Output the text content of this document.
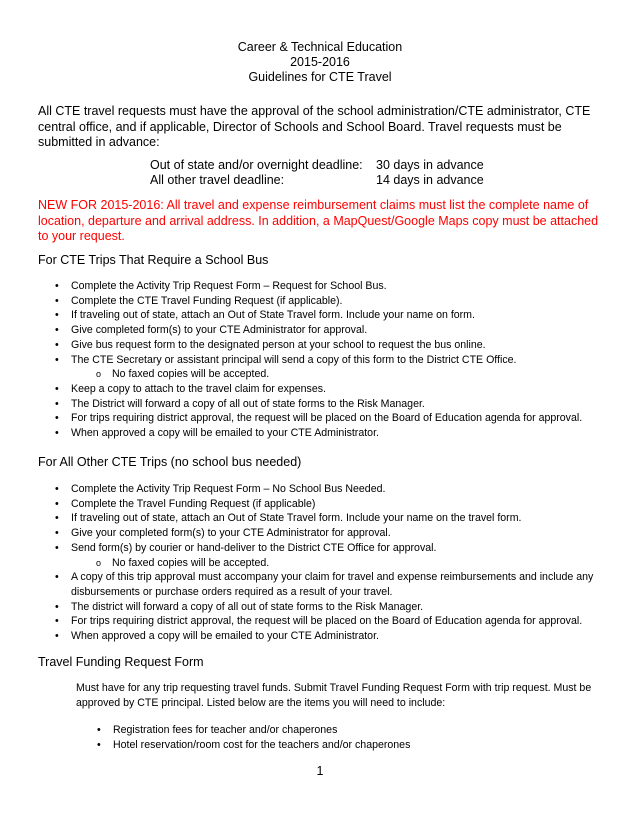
Career & Technical Education
2015-2016
Guidelines for CTE Travel
All CTE travel requests must have the approval of the school administration/CTE administrator, CTE central office, and if applicable, Director of Schools and School Board. Travel requests must be submitted in advance:
Out of state and/or overnight deadline:	30 days in advance
All other travel deadline:	14 days in advance
NEW FOR 2015-2016: All travel and expense reimbursement claims must list the complete name of location, departure and arrival address. In addition, a MapQuest/Google Maps copy must be attached to your request.
For CTE Trips That Require a School Bus
• Complete the Activity Trip Request Form – Request for School Bus.
• Complete the CTE Travel Funding Request (if applicable).
• If traveling out of state, attach an Out of State Travel form. Include your name on form.
• Give completed form(s) to your CTE Administrator for approval.
• Give bus request form to the designated person at your school to request the bus online.
• The CTE Secretary or assistant principal will send a copy of this form to the District CTE Office.
o No faxed copies will be accepted.
• Keep a copy to attach to the travel claim for expenses.
• The District will forward a copy of all out of state forms to the Risk Manager.
• For trips requiring district approval, the request will be placed on the Board of Education agenda for approval.
• When approved a copy will be emailed to your CTE Administrator.
For All Other CTE Trips (no school bus needed)
• Complete the Activity Trip Request Form – No School Bus Needed.
• Complete the Travel Funding Request (if applicable)
• If traveling out of state, attach an Out of State Travel form. Include your name on the travel form.
• Give your completed form(s) to your CTE Administrator for approval.
• Send form(s) by courier or hand-deliver to the District CTE Office for approval.
o No faxed copies will be accepted.
• A copy of this trip approval must accompany your claim for travel and expense reimbursements and include any disbursements or purchase orders required as a result of your travel.
• The district will forward a copy of all out of state forms to the Risk Manager.
• For trips requiring district approval, the request will be placed on the Board of Education agenda for approval.
• When approved a copy will be emailed to your CTE Administrator.
Travel Funding Request Form
Must have for any trip requesting travel funds. Submit Travel Funding Request Form with trip request. Must be approved by CTE principal. Listed below are the items you will need to include:
• Registration fees for teacher and/or chaperones
• Hotel reservation/room cost for the teachers and/or chaperones
1
